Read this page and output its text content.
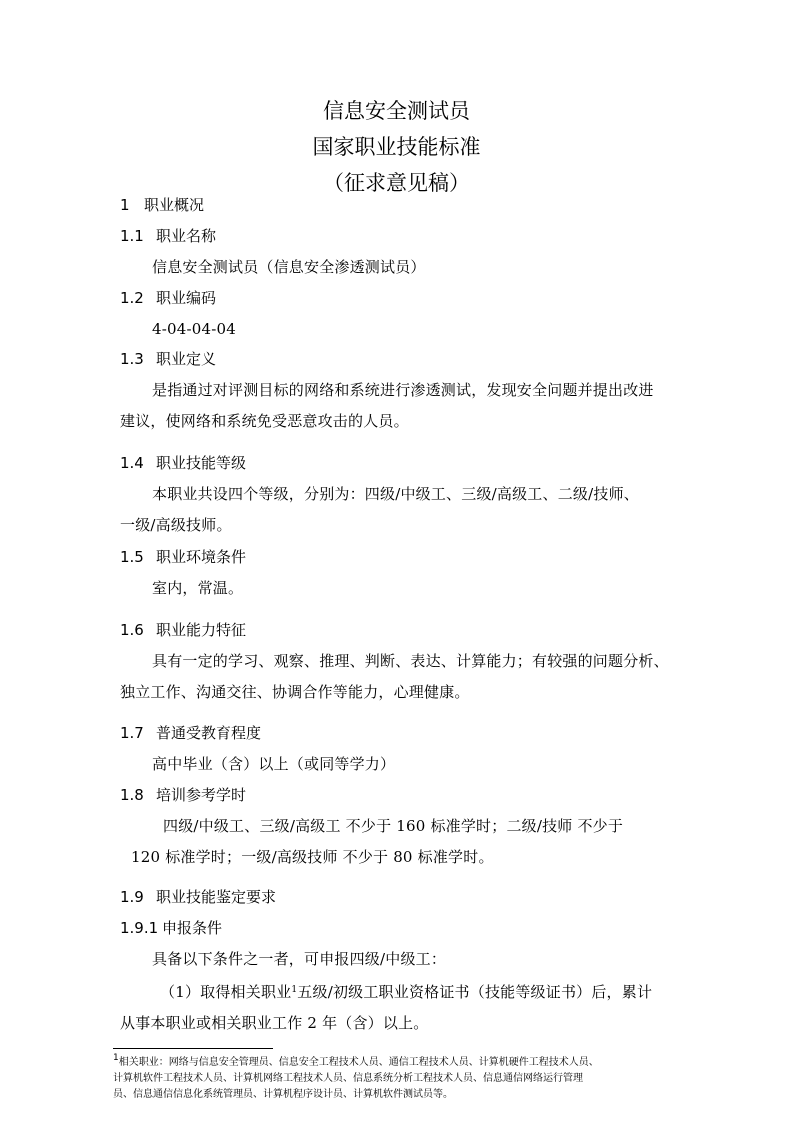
信息安全测试员
国家职业技能标准
（征求意见稿）
1 职业概况
1.1 职业名称
信息安全测试员（信息安全渗透测试员）
1.2 职业编码
4-04-04-04
1.3 职业定义
是指通过对评测目标的网络和系统进行渗透测试，发现安全问题并提出改进
建议，使网络和系统免受恶意攻击的人员。
1.4 职业技能等级
本职业共设四个等级，分别为：四级/中级工、三级/高级工、二级/技师、
一级/高级技师。
1.5 职业环境条件
室内，常温。
1.6 职业能力特征
具有一定的学习、观察、推理、判断、表达、计算能力；有较强的问题分析、
独立工作、沟通交往、协调合作等能力，心理健康。
1.7 普通受教育程度
高中毕业（含）以上（或同等学力）
1.8 培训参考学时
四级/中级工、三级/高级工 不少于 160 标准学时；二级/技师 不少于
120 标准学时；一级/高级技师 不少于 80 标准学时。
1.9 职业技能鉴定要求
1.9.1 申报条件
具备以下条件之一者，可申报四级/中级工：
（1）取得相关职业$^1$五级/初级工职业资格证书（技能等级证书）后，累计
从事本职业或相关职业工作 2 年（含）以上。
$^1$相关职业：网络与信息安全管理员、信息安全工程技术人员、通信工程技术人员、计算机硬件工程技术人员、
计算机软件工程技术人员、计算机网络工程技术人员、信息系统分析工程技术人员、信息通信网络运行管理
员、信息通信信息化系统管理员、计算机程序设计员、计算机软件测试员等。
